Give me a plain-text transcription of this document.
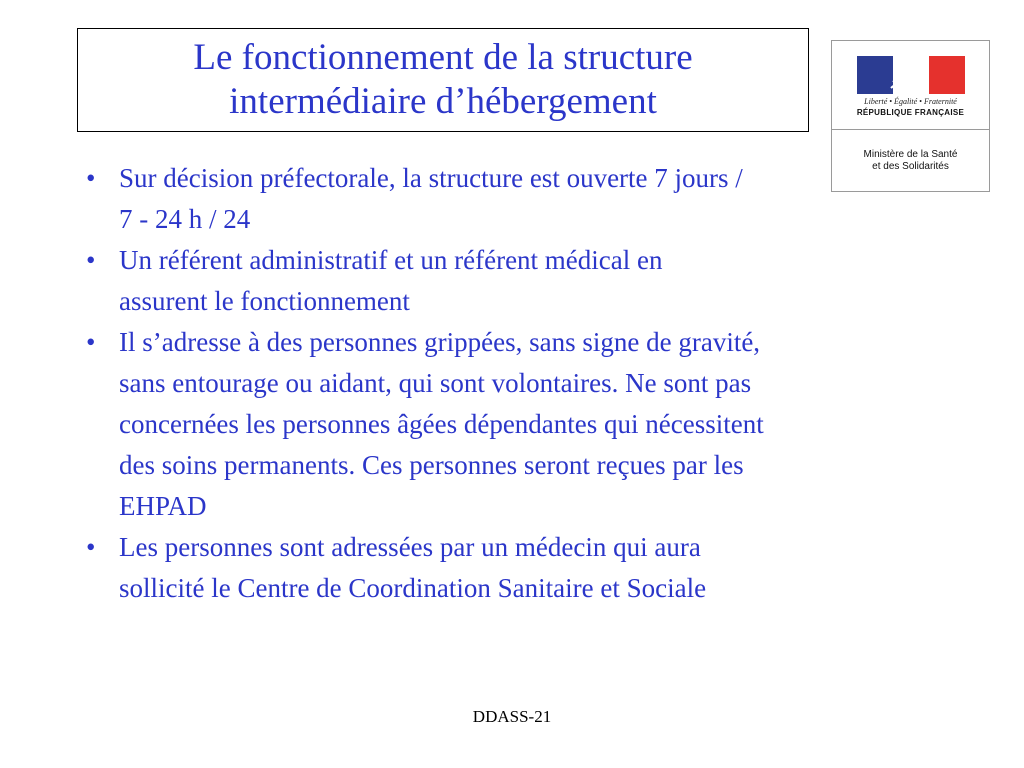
Le fonctionnement de la structure
intermédiaire d’hébergement	Liberté • Égalité • Fraternité
RÉPUBLIQUE FRANÇAISE
Ministère de la Santé
et des Solidarités
• Sur décision préfectorale, la structure est ouverte 7 jours /
7 - 24 h / 24
• Un référent administratif et un référent médical en
assurent le fonctionnement
• Il s’adresse à des personnes grippées, sans signe de gravité,
sans entourage ou aidant, qui sont volontaires. Ne sont pas
concernées les personnes âgées dépendantes qui nécessitent
des soins permanents. Ces personnes seront reçues par les
EHPAD
• Les personnes sont adressées par un médecin qui aura
sollicité le Centre de Coordination Sanitaire et Sociale
DDASS-21
